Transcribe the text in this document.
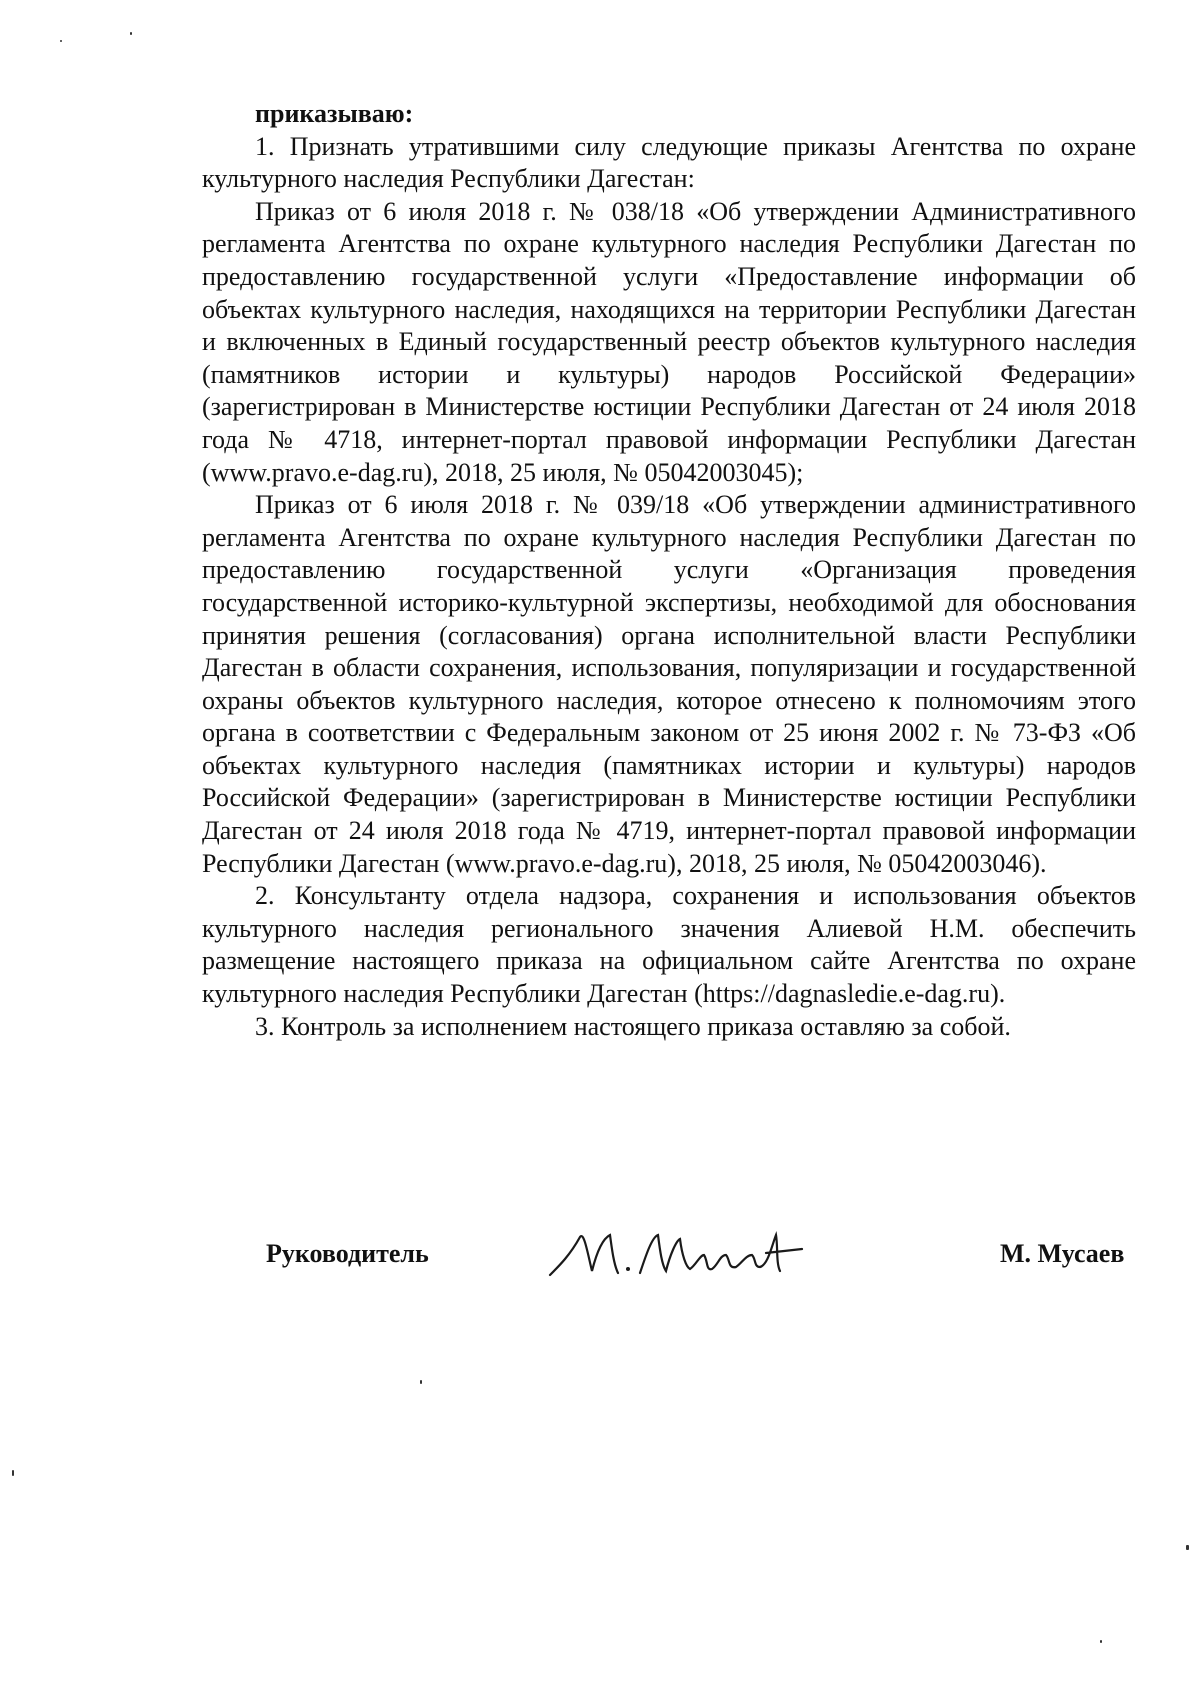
приказываю:

1. Признать утратившими силу следующие приказы Агентства по охране культурного наследия Республики Дагестан:

Приказ от 6 июля 2018 г. № 038/18 «Об утверждении Административного регламента Агентства по охране культурного наследия Республики Дагестан по предоставлению государственной услуги «Предоставление информации об объектах культурного наследия, находящихся на территории Республики Дагестан и включенных в Единый государственный реестр объектов культурного наследия (памятников истории и культуры) народов Российской Федерации» (зарегистрирован в Министерстве юстиции Республики Дагестан от 24 июля 2018 года № 4718, интернет-портал правовой информации Республики Дагестан (www.pravo.e-dag.ru), 2018, 25 июля, № 05042003045);

Приказ от 6 июля 2018 г. № 039/18 «Об утверждении административного регламента Агентства по охране культурного наследия Республики Дагестан по предоставлению государственной услуги «Организация проведения государственной историко-культурной экспертизы, необходимой для обоснования принятия решения (согласования) органа исполнительной власти Республики Дагестан в области сохранения, использования, популяризации и государственной охраны объектов культурного наследия, которое отнесено к полномочиям этого органа в соответствии с Федеральным законом от 25 июня 2002 г. № 73-ФЗ «Об объектах культурного наследия (памятниках истории и культуры) народов Российской Федерации» (зарегистрирован в Министерстве юстиции Республики Дагестан от 24 июля 2018 года № 4719, интернет-портал правовой информации Республики Дагестан (www.pravo.e-dag.ru), 2018, 25 июля, № 05042003046).

2. Консультанту отдела надзора, сохранения и использования объектов культурного наследия регионального значения Алиевой Н.М. обеспечить размещение настоящего приказа на официальном сайте Агентства по охране культурного наследия Республики Дагестан (https://dagnasledie.e-dag.ru).

3. Контроль за исполнением настоящего приказа оставляю за собой.

Руководитель	М. Мусаев
